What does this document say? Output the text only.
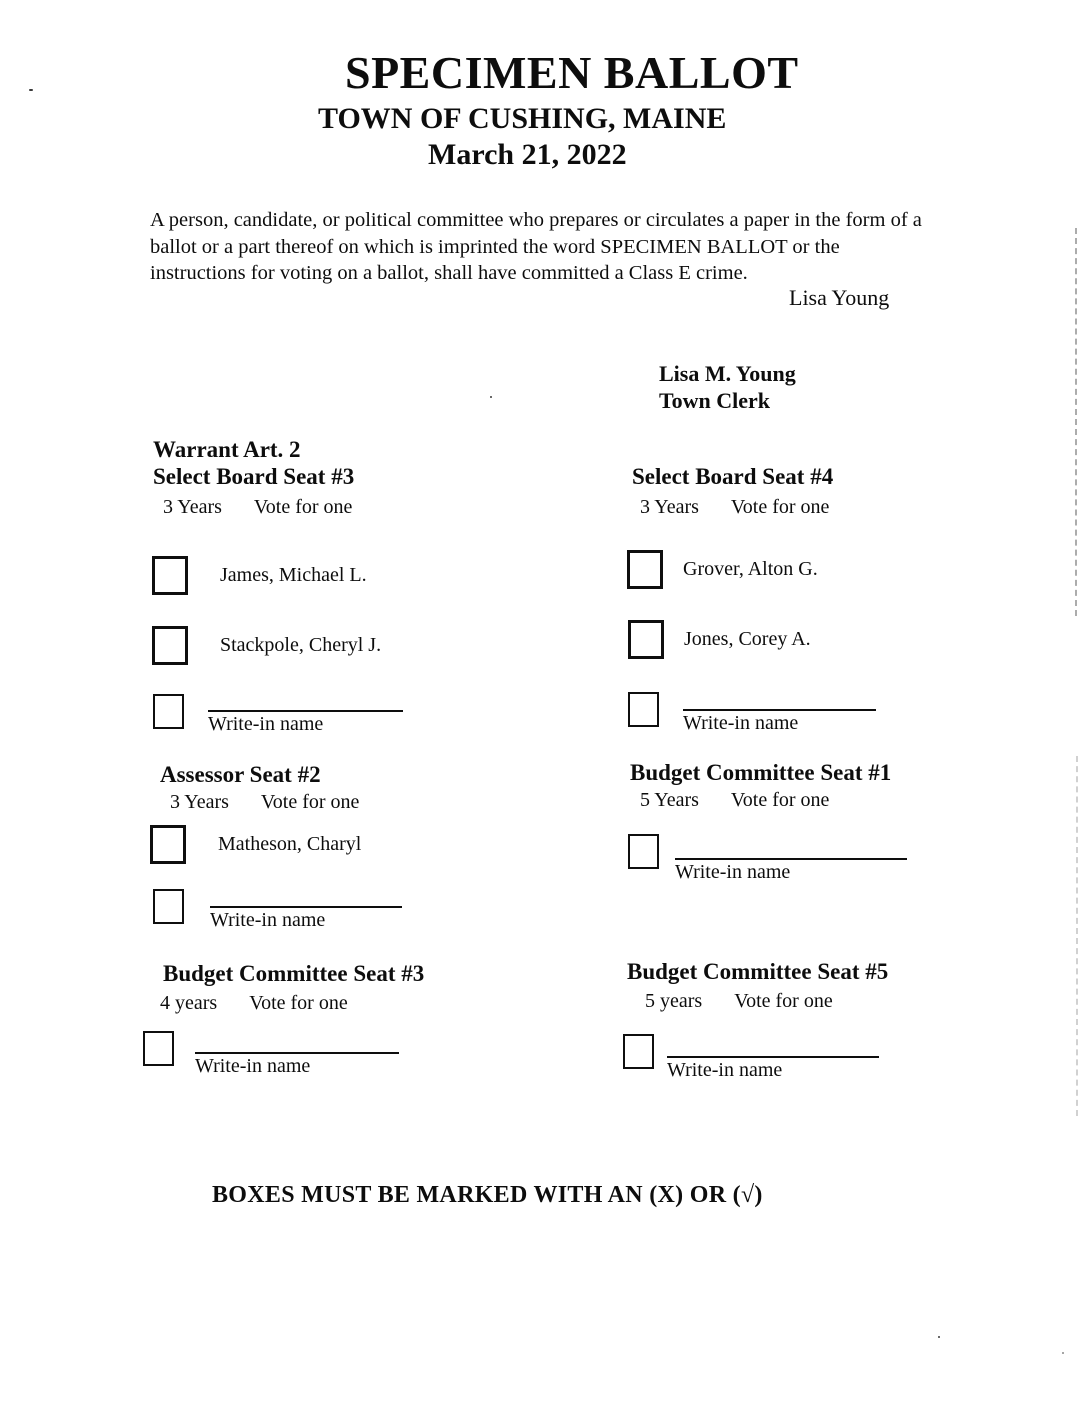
SPECIMEN BALLOT
TOWN OF CUSHING, MAINE
March 21, 2022
A person, candidate, or political committee who prepares or circulates a paper in the form of a ballot or a part thereof on which is imprinted the word SPECIMEN BALLOT or the instructions for voting on a ballot, shall have committed a Class E crime.
Lisa Young
Lisa M. Young
Town Clerk
Warrant Art. 2
Select Board Seat #3
3 Years Vote for one
James, Michael L.
Stackpole, Cheryl J.
Write-in name
Select Board Seat #4
3 Years Vote for one
Grover, Alton G.
Jones, Corey A.
Write-in name
Assessor Seat #2
3 Years Vote for one
Matheson, Charyl
Write-in name
Budget Committee Seat #1
5 Years Vote for one
Write-in name
Budget Committee Seat #3
4 years Vote for one
Write-in name
Budget Committee Seat #5
5 years Vote for one
Write-in name
BOXES MUST BE MARKED WITH AN (X) OR (√)
